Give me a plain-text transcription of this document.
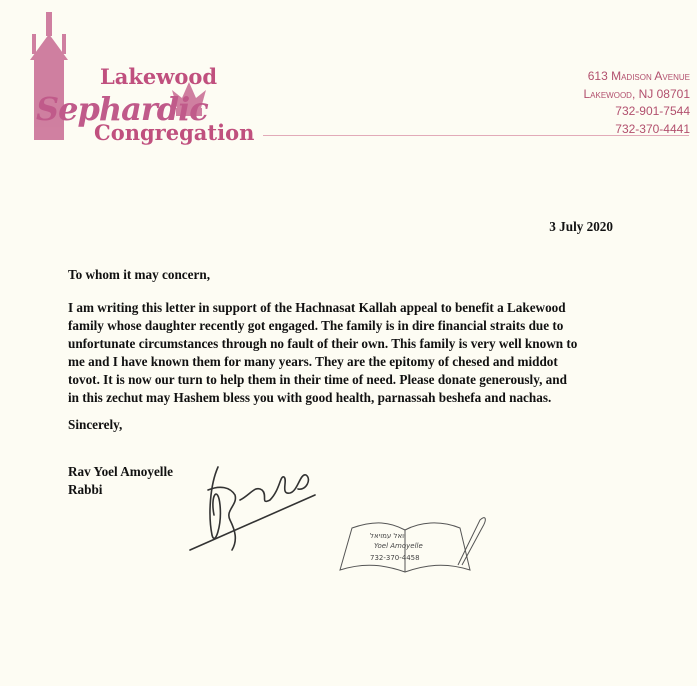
Lakewood
Sephardic
Congregation
613 Madison Avenue
Lakewood, NJ 08701
732-901-7544
732-370-4441
3 July 2020
To whom it may concern,
I am writing this letter in support of the Hachnasat Kallah appeal to benefit a Lakewood
family whose daughter recently got engaged. The family is in dire financial straits due to
unfortunate circumstances through no fault of their own. This family is very well known to
me and I have known them for many years. They are the epitomy of chesed and middot
tovot. It is now our turn to help them in their time of need. Please donate generously, and
in this zechut may Hashem bless you with good health, parnassah beshefa and nachas.
Sincerely,
Rav Yoel Amoyelle
Rabbi
יואל עמויאל
Yoel Amoyelle
732-370-4458
